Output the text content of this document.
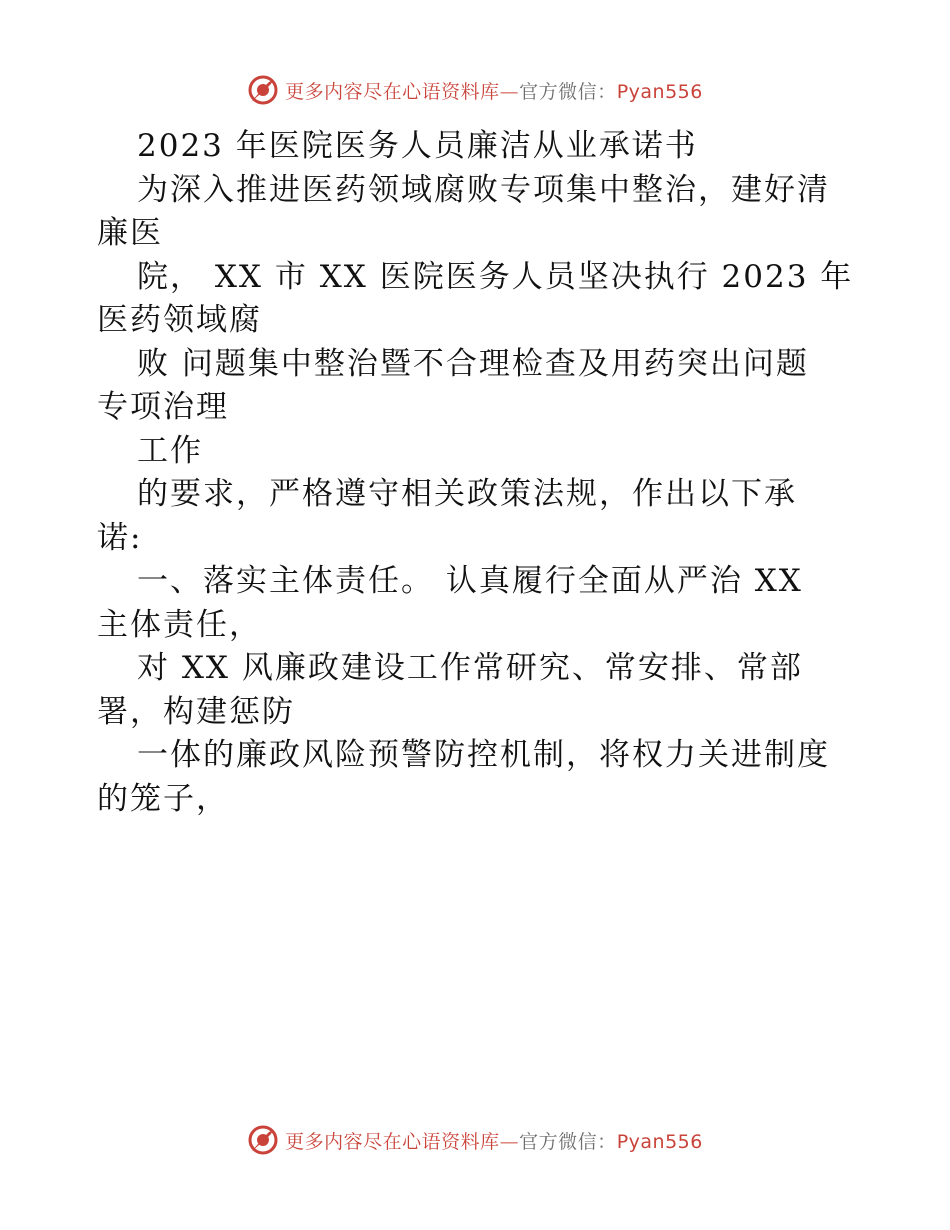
更多内容尽在心语资料库—官方微信：Pyan556
2023 年医院医务人员廉洁从业承诺书
为深入推进医药领域腐败专项集中整治，建好清
廉医
院， XX 市 XX 医院医务人员坚决执行 2023 年
医药领域腐
败 问题集中整治暨不合理检查及用药突出问题
专项治理
工作
的要求，严格遵守相关政策法规，作出以下承
诺:
一、落实主体责任。 认真履行全面从严治 XX
主体责任，
对 XX 风廉政建设工作常研究、常安排、常部
署，构建惩防
一体的廉政风险预警防控机制，将权力关进制度
的笼子，
更多内容尽在心语资料库—官方微信：Pyan556
